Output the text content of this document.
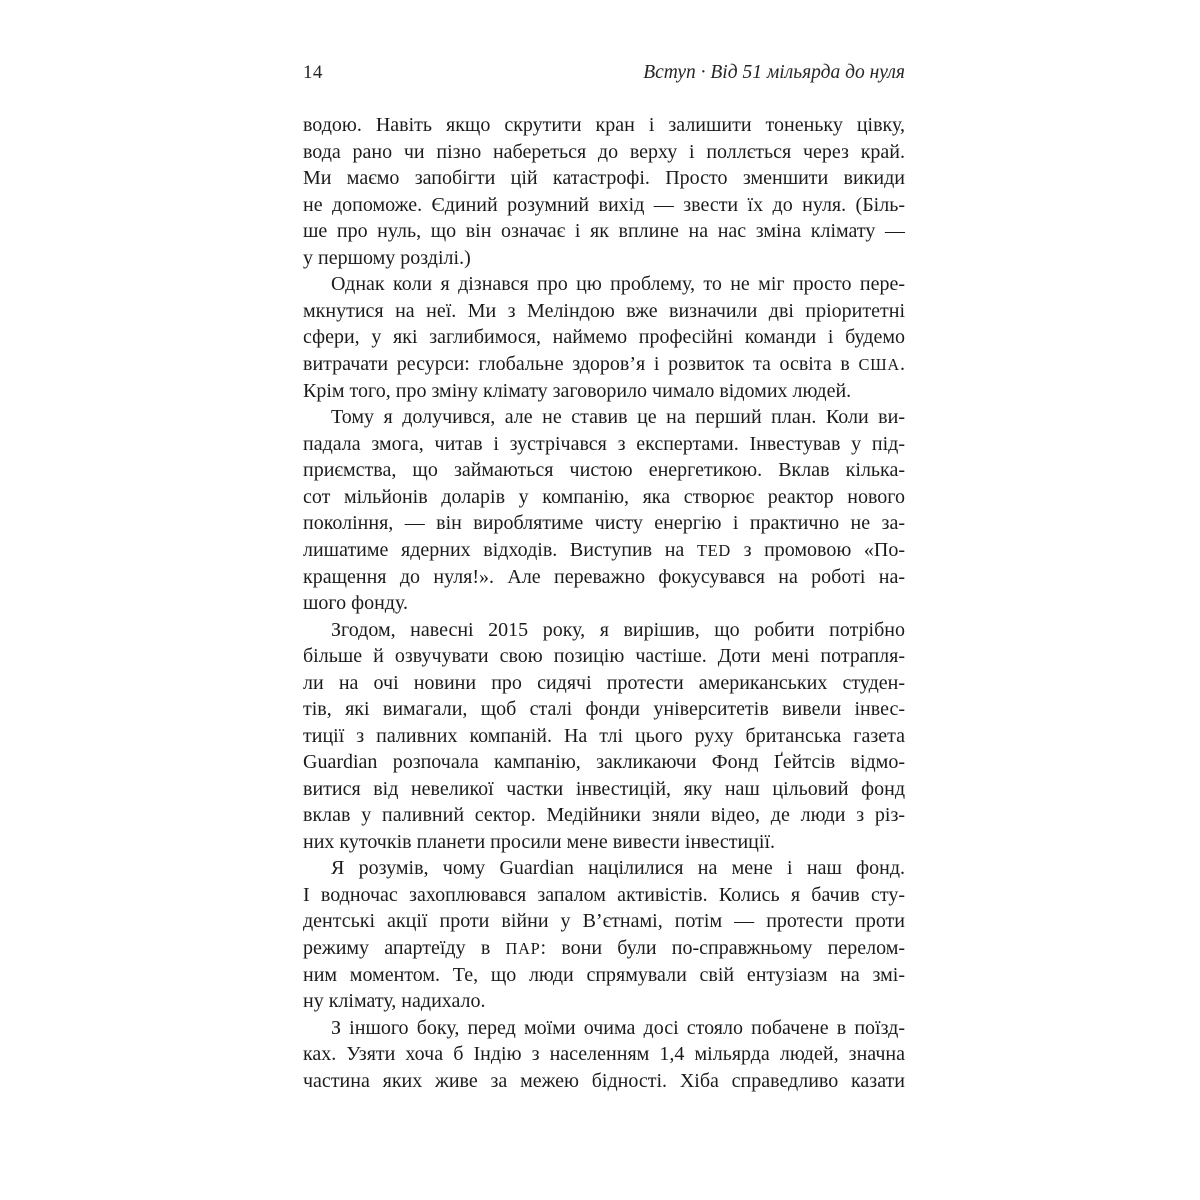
14	Вступ · Від 51 мільярда до нуля
водою. Навіть якщо скрутити кран і залишити тоненьку цівку,
вода рано чи пізно набереться до верху і поллється через край.
Ми маємо запобігти цій катастрофі. Просто зменшити викиди
не допоможе. Єдиний розумний вихід — звести їх до нуля. (Біль-
ше про нуль, що він означає і як вплине на нас зміна клімату —
у першому розділі.)
Однак коли я дізнався про цю проблему, то не міг просто пере-
мкнутися на неї. Ми з Меліндою вже визначили дві пріоритетні
сфери, у які заглибимося, наймемо професійні команди і будемо
витрачати ресурси: глобальне здоров’я і розвиток та освіта в США.
Крім того, про зміну клімату заговорило чимало відомих людей.
Тому я долучився, але не ставив це на перший план. Коли ви-
падала змога, читав і зустрічався з експертами. Інвестував у під-
приємства, що займаються чистою енергетикою. Вклав кілька-
сот мільйонів доларів у компанію, яка створює реактор нового
покоління, — він вироблятиме чисту енергію і практично не за-
лишатиме ядерних відходів. Виступив на TED з промовою «По-
кращення до нуля!». Але переважно фокусувався на роботі на-
шого фонду.
Згодом, навесні 2015 року, я вирішив, що робити потрібно
більше й озвучувати свою позицію частіше. Доти мені потрапля-
ли на очі новини про сидячі протести американських студен-
тів, які вимагали, щоб сталі фонди університетів вивели інвес-
тиції з паливних компаній. На тлі цього руху британська газета
Guardian розпочала кампанію, закликаючи Фонд Ґейтсів відмо-
витися від невеликої частки інвестицій, яку наш цільовий фонд
вклав у паливний сектор. Медійники зняли відео, де люди з різ-
них куточків планети просили мене вивести інвестиції.
Я розумів, чому Guardian націлилися на мене і наш фонд.
І водночас захоплювався запалом активістів. Колись я бачив сту-
дентські акції проти війни у В’єтнамі, потім — протести проти
режиму апартеїду в ПАР: вони були по-справжньому перелом-
ним моментом. Те, що люди спрямували свій ентузіазм на змі-
ну клімату, надихало.
З іншого боку, перед моїми очима досі стояло побачене в поїзд-
ках. Узяти хоча б Індію з населенням 1,4 мільярда людей, значна
частина яких живе за межею бідності. Хіба справедливо казати
